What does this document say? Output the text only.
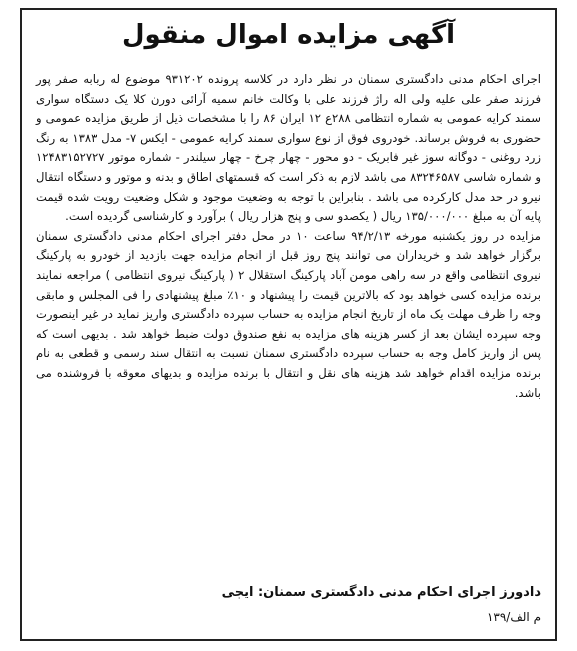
آگهی مزایده اموال منقول

اجرای احکام مدنی دادگستری سمنان در نظر دارد در کلاسه پرونده ۹۳۱۲۰۲ موضوع له ربابه صفر پور فرزند صفر علی علیه ولی اله راژ فرزند علی با وکالت خانم سمیه آرائی دورن کلا یک دستگاه سواری سمند کرایه عمومی به شماره انتظامی ۲۸۸ع ۱۲ ایران ۸۶ را با مشخصات ذیل از طریق مزایده عمومی و حضوری به فروش برساند. خودروی فوق از نوع سواری سمند کرایه عمومی - ایکس ۷- مدل ۱۳۸۳ به رنگ زرد روغنی - دوگانه سوز غیر فابریک - دو محور - چهار چرخ - چهار سیلندر - شماره موتور ۱۲۴۸۳۱۵۲۷۲۷ و شماره شاسی ۸۳۲۴۶۵۸۷ می باشد لازم به ذکر است که قسمتهای اطاق و بدنه و موتور و دستگاه انتقال نیرو در حد مدل کارکرده می باشد . بنابراین با توجه به وضعیت موجود و شکل وضعیت رویت شده قیمت پایه آن به مبلغ ۱۳۵/۰۰۰/۰۰۰ ریال ( یکصدو سی و پنج هزار ریال ) برآورد و کارشناسی گردیده است.

مزایده در روز یکشنبه مورخه ۹۴/۲/۱۳ ساعت ۱۰ در محل دفتر اجرای احکام مدنی دادگستری سمنان برگزار خواهد شد و خریداران می توانند پنج روز قبل از انجام مزایده جهت بازدید از خودرو به پارکینگ نیروی انتظامی واقع در سه راهی مومن آباد پارکینگ استقلال ۲ ( پارکینگ نیروی انتظامی ) مراجعه نمایند برنده مزایده کسی خواهد بود که بالاترین قیمت را پیشنهاد و ۱۰٪ مبلغ پیشنهادی را فی المجلس و مابقی وجه را ظرف مهلت یک ماه از تاریخ انجام مزایده به حساب سپرده دادگستری واریز نماید در غیر اینصورت وجه سپرده ایشان بعد از کسر هزینه های مزایده به نفع صندوق دولت ضبط خواهد شد . بدیهی است که پس از واریز کامل وجه به حساب سپرده دادگستری سمنان نسبت به انتقال سند رسمی و قطعی به نام برنده مزایده اقدام خواهد شد هزینه های نقل و انتقال با برنده مزایده و بدیهای معوقه با فروشنده می باشد.

دادورز اجرای احکام مدنی دادگستری سمنان: ایجی
م الف/۱۳۹
